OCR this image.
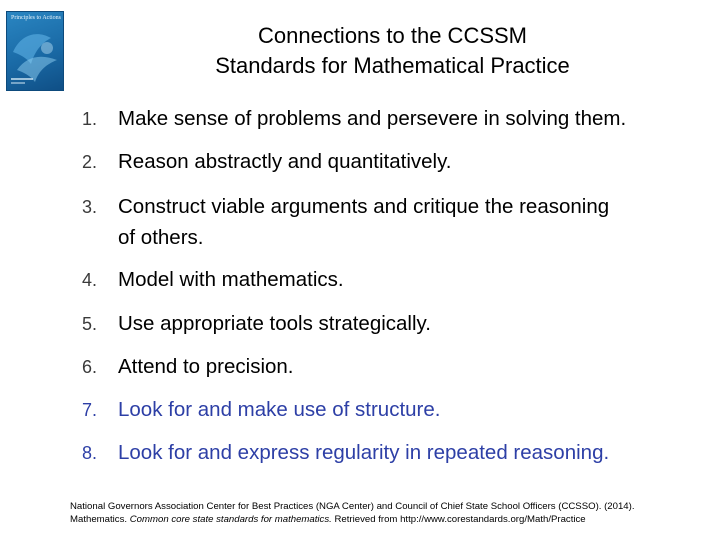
Principles to Actions
Connections to the CCSSM
Standards for Mathematical Practice
1.	Make sense of problems and persevere in solving them.
2.	Reason abstractly and quantitatively.
3.	Construct viable arguments and critique the reasoning
of others.
4.	Model with mathematics.
5.	Use appropriate tools strategically.
6.	Attend to precision.
7.	Look for and make use of structure.
8.	Look for and express regularity in repeated reasoning.
National Governors Association Center for Best Practices (NGA Center) and Council of Chief State School Officers (CCSSO). (2014).
Mathematics. Common core state standards for mathematics. Retrieved from http://www.corestandards.org/Math/Practice
